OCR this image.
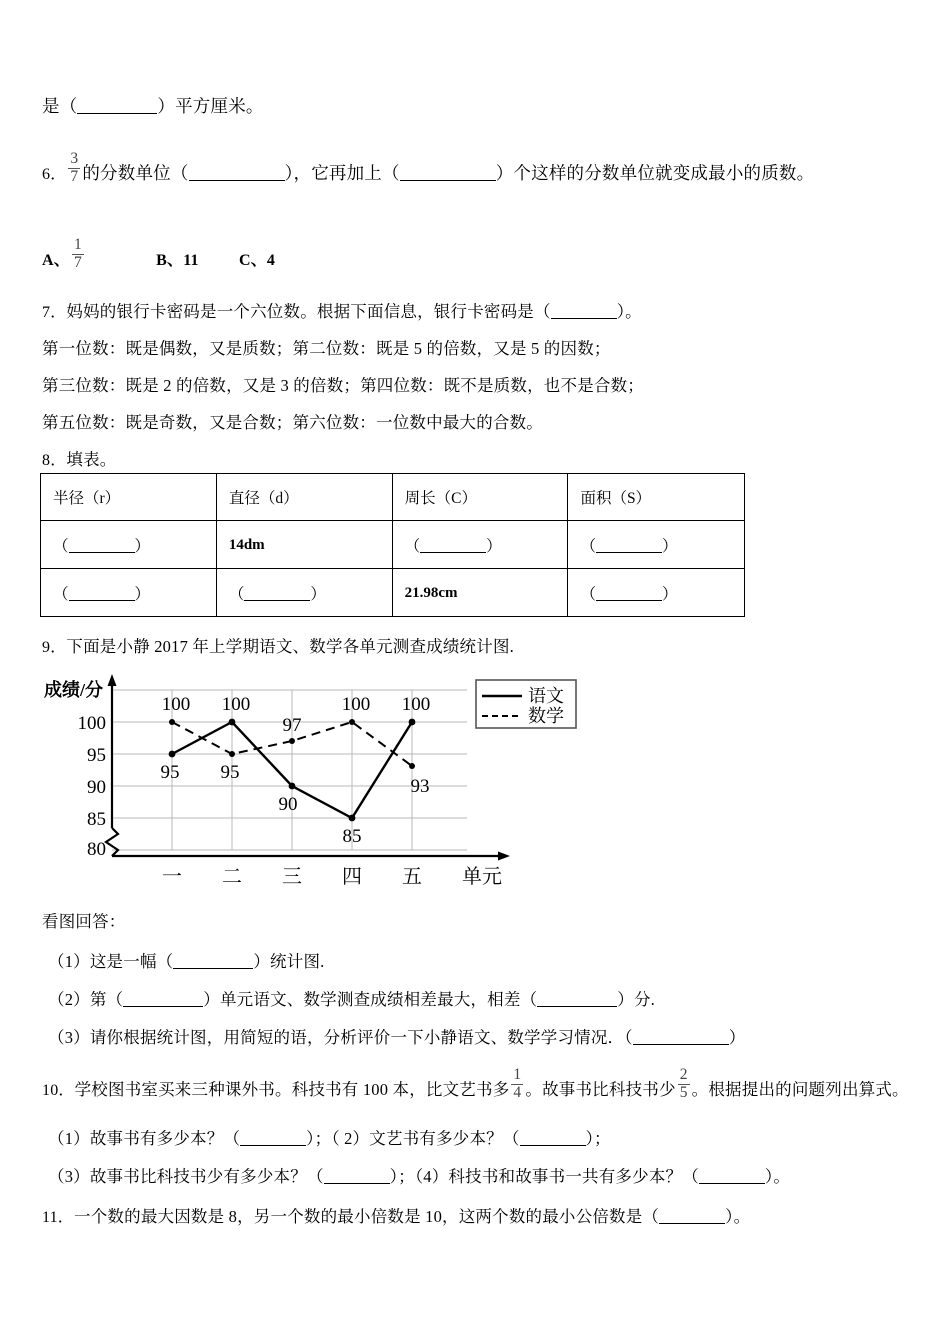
是（	）平方厘米。
6． $\frac{3}{7}$ 的分数单位（	），它再加上（	）个这样的分数单位就变成最小的质数。
A、 $\frac{1}{7}$	B、11	C、4
7．妈妈的银行卡密码是一个六位数。根据下面信息，银行卡密码是（	）。
第一位数：既是偶数，又是质数；第二位数：既是 5 的倍数，又是 5 的因数；
第三位数：既是 2 的倍数，又是 3 的倍数；第四位数：既不是质数，也不是合数；
第五位数：既是奇数，又是合数；第六位数：一位数中最大的合数。
8．填表。
半径（r）	直径（d）	周长（C）	面积（S）
（ ）	14dm	（ ）	（ ）
（ ）	（ ）	21.98cm	（ ）
9．下面是小静 2017 年上学期语文、数学各单元测查成绩统计图.
100
95
90
85
80
成绩/分
一 二 三 四 五 单元
100 100
97
100 100
95 95
90
85
93
语文
数学
看图回答：
（1）这是一幅（	）统计图.
（2）第（	）单元语文、数学测查成绩相差最大，相差（	）分.
（3）请你根据统计图，用简短的语，分析评价一下小静语文、数学学习情况．（	）
10．学校图书室买来三种课外书。科技书有 100 本，比文艺书多 $\frac{1}{4}$ 。故事书比科技书少 $\frac{2}{5}$ 。根据提出的问题列出算式。
（1）故事书有多少本？（	）；（ 2）文艺书有多少本？（	）；
（3）故事书比科技书少有多少本？（	）；（4）科技书和故事书一共有多少本？（	）。
11．一个数的最大因数是 8，另一个数的最小倍数是 10，这两个数的最小公倍数是（	）。
